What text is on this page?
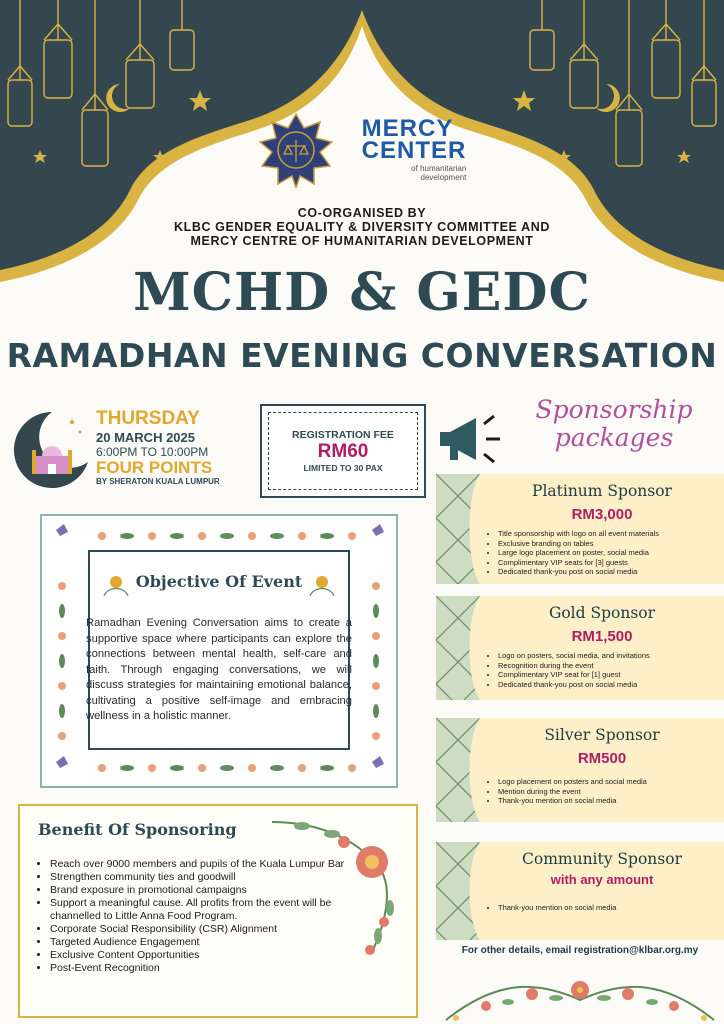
MERCY
CENTER
of humanitarian
development
CO-ORGANISED BY
KLBC GENDER EQUALITY & DIVERSITY COMMITTEE AND
MERCY CENTRE OF HUMANITARIAN DEVELOPMENT
MCHD & GEDC
RAMADHAN EVENING CONVERSATION
THURSDAY
20 MARCH 2025
6:00PM TO 10:00PM
FOUR POINTS
BY SHERATON KUALA LUMPUR
REGISTRATION FEE
RM60
LIMITED TO 30 PAX
Sponsorship
packages
Platinum Sponsor
RM3,000
• Title sponsorship with logo on all event materials
• Exclusive branding on tables
• Large logo placement on poster, social media
• Complimentary VIP seats for [3] guests
• Dedicated thank-you post on social media
Gold Sponsor
RM1,500
• Logo on posters, social media, and invitations
• Recognition during the event
• Complimentary VIP seat for [1] guest
• Dedicated thank-you post on social media
Silver Sponsor
RM500
• Logo placement on posters and social media
• Mention during the event
• Thank-you mention on social media
Community Sponsor
with any amount
• Thank-you mention on social media
For other details, email registration@klbar.org.my
Objective Of Event
Ramadhan Evening Conversation aims to create a supportive space where participants can explore the connections between mental health, self-care and faith. Through engaging conversations, we will discuss strategies for maintaining emotional balance, cultivating a positive self-image and embracing wellness in a holistic manner.
Benefit Of Sponsoring
• Reach over 9000 members and pupils of the Kuala Lumpur Bar
• Strengthen community ties and goodwill
• Brand exposure in promotional campaigns
• Support a meaningful cause. All profits from the event will be channelled to Little Anna Food Program.
• Corporate Social Responsibility (CSR) Alignment
• Targeted Audience Engagement
• Exclusive Content Opportunities
• Post-Event Recognition
